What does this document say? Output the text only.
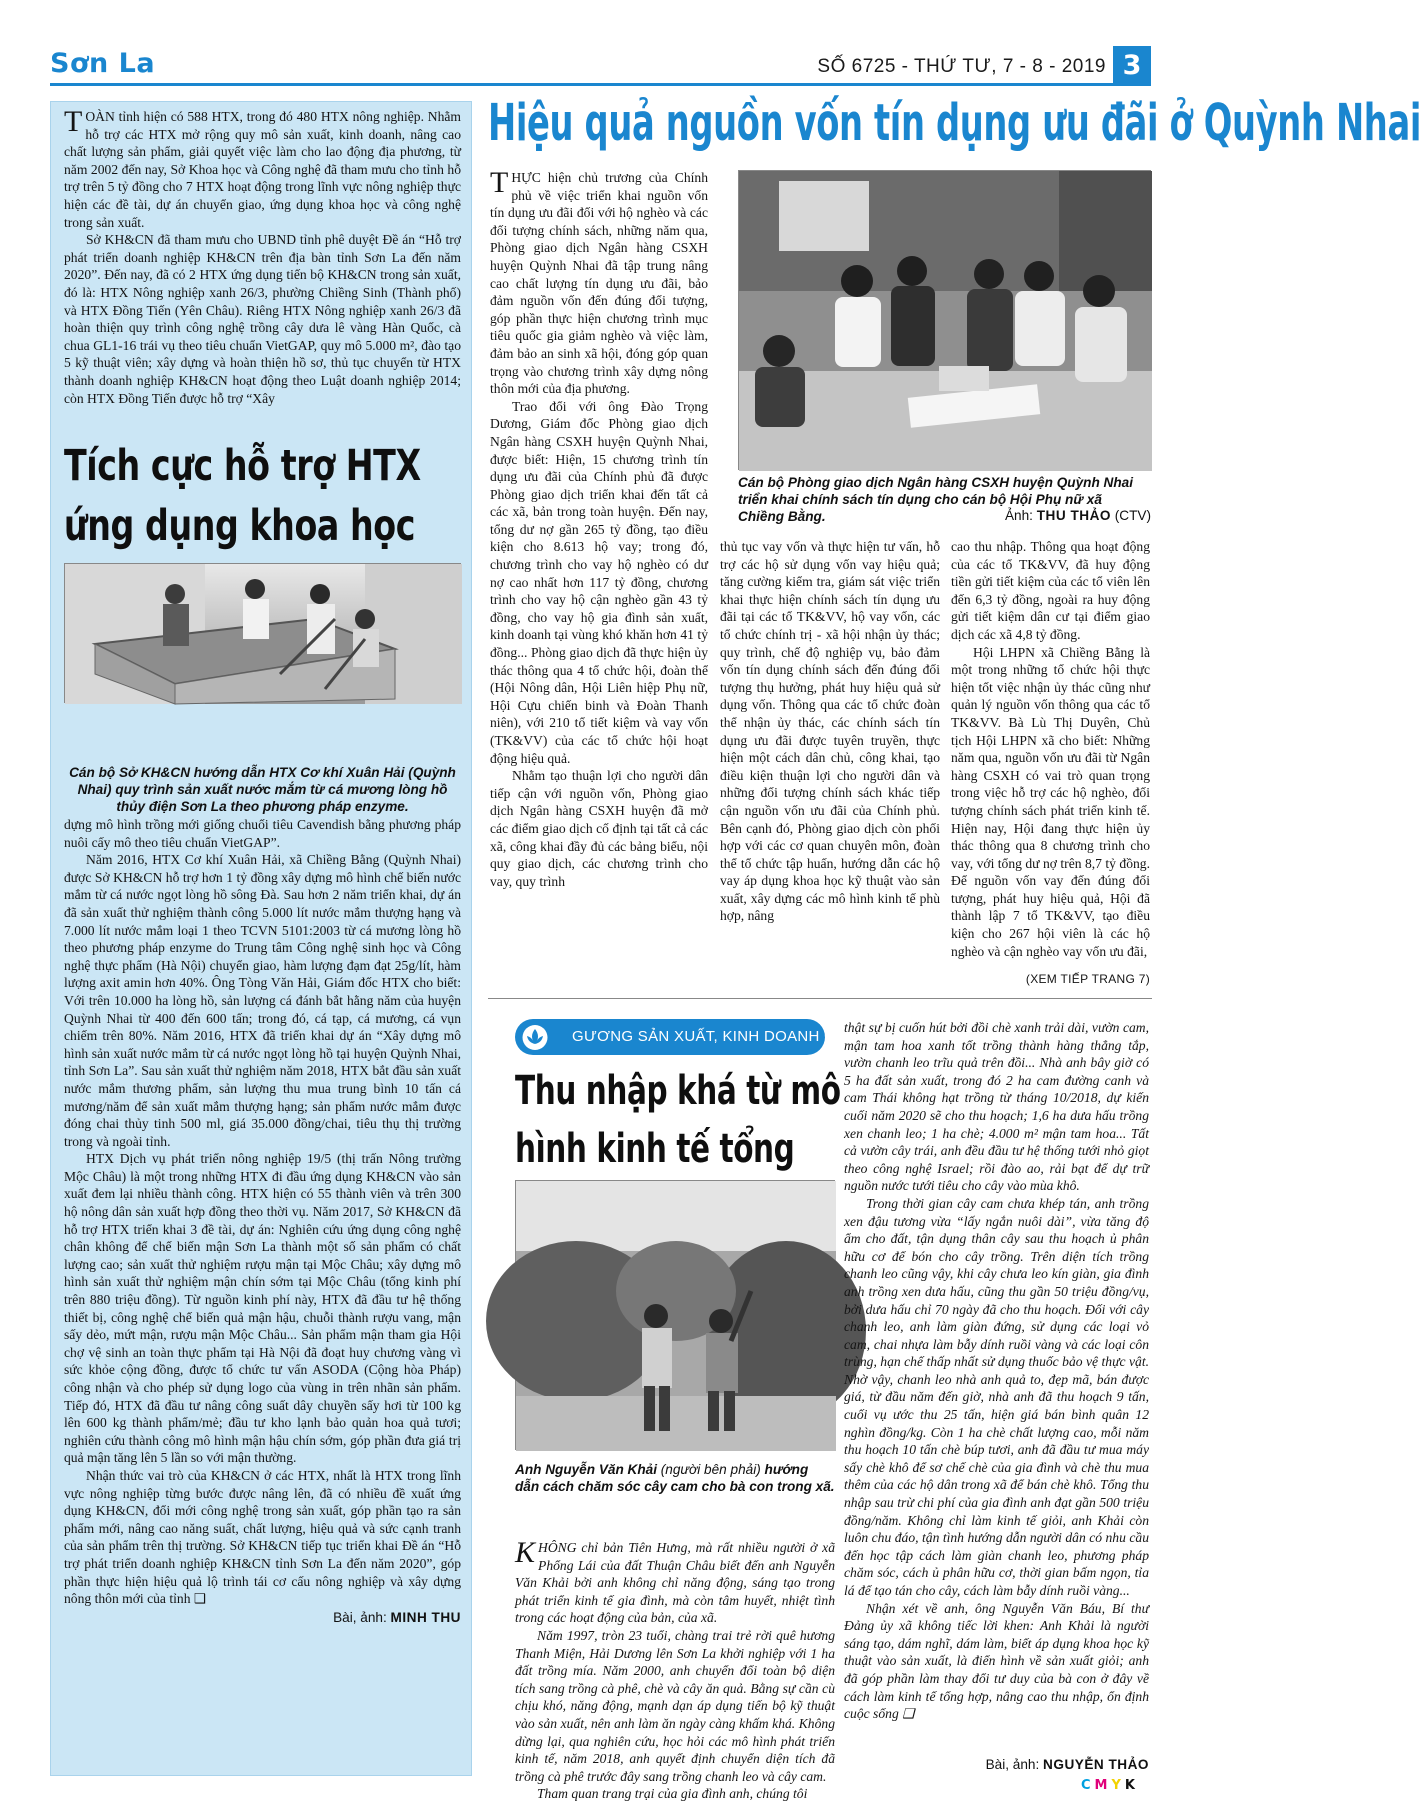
Sơn La	SỐ 6725 - THỨ TƯ, 7 - 8 - 2019 3

TOÀN tỉnh hiện có 588 HTX, trong đó 480 HTX nông nghiệp. Nhằm hỗ trợ các HTX mở rộng quy mô sản xuất, kinh doanh, nâng cao chất lượng sản phẩm, giải quyết việc làm cho lao động địa phương, từ năm 2002 đến nay, Sở Khoa học và Công nghệ đã tham mưu cho tỉnh hỗ trợ trên 5 tỷ đồng cho 7 HTX hoạt động trong lĩnh vực nông nghiệp thực hiện các đề tài, dự án chuyển giao, ứng dụng khoa học và công nghệ trong sản xuất.

Sở KH&CN đã tham mưu cho UBND tỉnh phê duyệt Đề án “Hỗ trợ phát triển doanh nghiệp KH&CN trên địa bàn tỉnh Sơn La đến năm 2020”. Đến nay, đã có 2 HTX ứng dụng tiến bộ KH&CN trong sản xuất, đó là: HTX Nông nghiệp xanh 26/3, phường Chiềng Sinh (Thành phố) và HTX Đồng Tiến (Yên Châu). Riêng HTX Nông nghiệp xanh 26/3 đã hoàn thiện quy trình công nghệ trồng cây dưa lê vàng Hàn Quốc, cà chua GL1-16 trái vụ theo tiêu chuẩn VietGAP, quy mô 5.000 m², đào tạo 5 kỹ thuật viên; xây dựng và hoàn thiện hồ sơ, thủ tục chuyển từ HTX thành doanh nghiệp KH&CN hoạt động theo Luật doanh nghiệp 2014; còn HTX Đồng Tiến được hỗ trợ “Xây

Tích cực hỗ trợ HTX ứng dụng khoa học
Cán bộ Sở KH&CN hướng dẫn HTX Cơ khí Xuân Hải (Quỳnh Nhai) quy trình sản xuất nước mắm từ cá mương lòng hồ thủy điện Sơn La theo phương pháp enzyme.

dựng mô hình trồng mới giống chuối tiêu Cavendish bằng phương pháp nuôi cấy mô theo tiêu chuẩn VietGAP”.

Năm 2016, HTX Cơ khí Xuân Hải, xã Chiềng Bằng (Quỳnh Nhai) được Sở KH&CN hỗ trợ hơn 1 tỷ đồng xây dựng mô hình chế biến nước mắm từ cá nước ngọt lòng hồ sông Đà. Sau hơn 2 năm triển khai, dự án đã sản xuất thử nghiệm thành công 5.000 lít nước mắm thượng hạng và 7.000 lít nước mắm loại 1 theo TCVN 5101:2003 từ cá mương lòng hồ theo phương pháp enzyme do Trung tâm Công nghệ sinh học và Công nghệ thực phẩm (Hà Nội) chuyển giao, hàm lượng đạm đạt 25g/lít, hàm lượng axit amin hơn 40%. Ông Tòng Văn Hải, Giám đốc HTX cho biết: Với trên 10.000 ha lòng hồ, sản lượng cá đánh bắt hằng năm của huyện Quỳnh Nhai từ 400 đến 600 tấn; trong đó, cá tạp, cá mương, cá vụn chiếm trên 80%. Năm 2016, HTX đã triển khai dự án “Xây dựng mô hình sản xuất nước mắm từ cá nước ngọt lòng hồ tại huyện Quỳnh Nhai, tỉnh Sơn La”. Sau sản xuất thử nghiệm năm 2018, HTX bắt đầu sản xuất nước mắm thương phẩm, sản lượng thu mua trung bình 10 tấn cá mương/năm để sản xuất mắm thượng hạng; sản phẩm nước mắm được đóng chai thủy tinh 500 ml, giá 35.000 đồng/chai, tiêu thụ thị trường trong và ngoài tỉnh.

HTX Dịch vụ phát triển nông nghiệp 19/5 (thị trấn Nông trường Mộc Châu) là một trong những HTX đi đầu ứng dụng KH&CN vào sản xuất đem lại nhiều thành công. HTX hiện có 55 thành viên và trên 300 hộ nông dân sản xuất hợp đồng theo thời vụ. Năm 2017, Sở KH&CN đã hỗ trợ HTX triển khai 3 đề tài, dự án: Nghiên cứu ứng dụng công nghệ chân không để chế biến mận Sơn La thành một số sản phẩm có chất lượng cao; sản xuất thử nghiệm rượu mận tại Mộc Châu; xây dựng mô hình sản xuất thử nghiệm mận chín sớm tại Mộc Châu (tổng kinh phí trên 880 triệu đồng). Từ nguồn kinh phí này, HTX đã đầu tư hệ thống thiết bị, công nghệ chế biến quả mận hậu, chuỗi thành rượu vang, mận sấy dẻo, mứt mận, rượu mận Mộc Châu... Sản phẩm mận tham gia Hội chợ vệ sinh an toàn thực phẩm tại Hà Nội đã đoạt huy chương vàng vì sức khỏe cộng đồng, được tổ chức tư vấn ASODA (Cộng hòa Pháp) công nhận và cho phép sử dụng logo của vùng in trên nhãn sản phẩm. Tiếp đó, HTX đã đầu tư nâng công suất dây chuyền sấy hơi từ 100 kg lên 600 kg thành phẩm/mẻ; đầu tư kho lạnh bảo quản hoa quả tươi; nghiên cứu thành công mô hình mận hậu chín sớm, góp phần đưa giá trị quả mận tăng lên 5 lần so với mận thường.

Nhận thức vai trò của KH&CN ở các HTX, nhất là HTX trong lĩnh vực nông nghiệp từng bước được nâng lên, đã có nhiều đề xuất ứng dụng KH&CN, đổi mới công nghệ trong sản xuất, góp phần tạo ra sản phẩm mới, nâng cao năng suất, chất lượng, hiệu quả và sức cạnh tranh của sản phẩm trên thị trường. Sở KH&CN tiếp tục triển khai Đề án “Hỗ trợ phát triển doanh nghiệp KH&CN tỉnh Sơn La đến năm 2020”, góp phần thực hiện hiệu quả lộ trình tái cơ cấu nông nghiệp và xây dựng nông thôn mới của tỉnh ❑

Bài, ảnh: MINH THU
Hiệu quả nguồn vốn tín dụng ưu đãi ở Quỳnh Nhai
Cán bộ Phòng giao dịch Ngân hàng CSXH huyện Quỳnh Nhai triển khai chính sách tín dụng cho cán bộ Hội Phụ nữ xã Chiềng Bằng.	Ảnh: THU THẢO (CTV)

THỰC hiện chủ trương của Chính phủ về việc triển khai nguồn vốn tín dụng ưu đãi đối với hộ nghèo và các đối tượng chính sách, những năm qua, Phòng giao dịch Ngân hàng CSXH huyện Quỳnh Nhai đã tập trung nâng cao chất lượng tín dụng ưu đãi, bảo đảm nguồn vốn đến đúng đối tượng, góp phần thực hiện chương trình mục tiêu quốc gia giảm nghèo và việc làm, đảm bảo an sinh xã hội, đóng góp quan trọng vào chương trình xây dựng nông thôn mới của địa phương.

Trao đổi với ông Đào Trọng Dương, Giám đốc Phòng giao dịch Ngân hàng CSXH huyện Quỳnh Nhai, được biết: Hiện, 15 chương trình tín dụng ưu đãi của Chính phủ đã được Phòng giao dịch triển khai đến tất cả các xã, bản trong toàn huyện. Đến nay, tổng dư nợ gần 265 tỷ đồng, tạo điều kiện cho 8.613 hộ vay; trong đó, chương trình cho vay hộ nghèo có dư nợ cao nhất hơn 117 tỷ đồng, chương trình cho vay hộ cận nghèo gần 43 tỷ đồng, cho vay hộ gia đình sản xuất, kinh doanh tại vùng khó khăn hơn 41 tỷ đồng... Phòng giao dịch đã thực hiện ủy thác thông qua 4 tổ chức hội, đoàn thể (Hội Nông dân, Hội Liên hiệp Phụ nữ, Hội Cựu chiến binh và Đoàn Thanh niên), với 210 tổ tiết kiệm và vay vốn (TK&VV) của các tổ chức hội hoạt động hiệu quả.

Nhằm tạo thuận lợi cho người dân tiếp cận với nguồn vốn, Phòng giao dịch Ngân hàng CSXH huyện đã mở các điểm giao dịch cố định tại tất cả các xã, công khai đầy đủ các bảng biểu, nội quy giao dịch, các chương trình cho vay, quy trình

thủ tục vay vốn và thực hiện tư vấn, hỗ trợ các hộ sử dụng vốn vay hiệu quả; tăng cường kiểm tra, giám sát việc triển khai thực hiện chính sách tín dụng ưu đãi tại các tổ TK&VV, hộ vay vốn, các tổ chức chính trị - xã hội nhận ủy thác; quy trình, chế độ nghiệp vụ, bảo đảm vốn tín dụng chính sách đến đúng đối tượng thụ hưởng, phát huy hiệu quả sử dụng vốn. Thông qua các tổ chức đoàn thể nhận ủy thác, các chính sách tín dụng ưu đãi được tuyên truyền, thực hiện một cách dân chủ, công khai, tạo điều kiện thuận lợi cho người dân và những đối tượng chính sách khác tiếp cận nguồn vốn ưu đãi của Chính phủ. Bên cạnh đó, Phòng giao dịch còn phối hợp với các cơ quan chuyên môn, đoàn thể tổ chức tập huấn, hướng dẫn các hộ vay áp dụng khoa học kỹ thuật vào sản xuất, xây dựng các mô hình kinh tế phù hợp, nâng

cao thu nhập. Thông qua hoạt động của các tổ TK&VV, đã huy động tiền gửi tiết kiệm của các tổ viên lên đến 6,3 tỷ đồng, ngoài ra huy động gửi tiết kiệm dân cư tại điểm giao dịch các xã 4,8 tỷ đồng.

Hội LHPN xã Chiềng Bằng là một trong những tổ chức hội thực hiện tốt việc nhận ủy thác cũng như quản lý nguồn vốn thông qua các tổ TK&VV. Bà Lù Thị Duyên, Chủ tịch Hội LHPN xã cho biết: Những năm qua, nguồn vốn ưu đãi từ Ngân hàng CSXH có vai trò quan trọng trong việc hỗ trợ các hộ nghèo, đối tượng chính sách phát triển kinh tế. Hiện nay, Hội đang thực hiện ủy thác thông qua 8 chương trình cho vay, với tổng dư nợ trên 8,7 tỷ đồng. Để nguồn vốn vay đến đúng đối tượng, phát huy hiệu quả, Hội đã thành lập 7 tổ TK&VV, tạo điều kiện cho 267 hội viên là các hộ nghèo và cận nghèo vay vốn ưu đãi,

(XEM TIẾP TRANG 7)
GƯƠNG SẢN XUẤT, KINH DOANH GIỎI
Thu nhập khá từ mô hình kinh tế tổng
Anh Nguyễn Văn Khải (người bên phải) hướng dẫn cách chăm sóc cây cam cho bà con trong xã.

KHÔNG chỉ bản Tiên Hưng, mà rất nhiều người ở xã Phổng Lái của đất Thuận Châu biết đến anh Nguyễn Văn Khải bởi anh không chỉ năng động, sáng tạo trong phát triển kinh tế gia đình, mà còn tâm huyết, nhiệt tình trong các hoạt động của bản, của xã.

Năm 1997, tròn 23 tuổi, chàng trai trẻ rời quê hương Thanh Miện, Hải Dương lên Sơn La khởi nghiệp với 1 ha đất trồng mía. Năm 2000, anh chuyển đổi toàn bộ diện tích sang trồng cà phê, chè và cây ăn quả. Bằng sự cần cù chịu khó, năng động, mạnh dạn áp dụng tiến bộ kỹ thuật vào sản xuất, nên anh làm ăn ngày càng khấm khá. Không dừng lại, qua nghiên cứu, học hỏi các mô hình phát triển kinh tế, năm 2018, anh quyết định chuyển diện tích đã trồng cà phê trước đây sang trồng chanh leo và cây cam.

Tham quan trang trại của gia đình anh, chúng tôi

thật sự bị cuốn hút bởi đồi chè xanh trải dài, vườn cam, mận tam hoa xanh tốt trồng thành hàng thẳng tắp, vườn chanh leo trĩu quả trên đồi... Nhà anh bây giờ có 5 ha đất sản xuất, trong đó 2 ha cam đường canh và cam Thái không hạt trồng từ tháng 10/2018, dự kiến cuối năm 2020 sẽ cho thu hoạch; 1,6 ha dưa hấu trồng xen chanh leo; 1 ha chè; 4.000 m² mận tam hoa... Tất cả vườn cây trái, anh đều đầu tư hệ thống tưới nhỏ giọt theo công nghệ Israel; rồi đào ao, rải bạt để dự trữ nguồn nước tưới tiêu cho cây vào mùa khô.

Trong thời gian cây cam chưa khép tán, anh trồng xen đậu tương vừa “lấy ngắn nuôi dài”, vừa tăng độ ẩm cho đất, tận dụng thân cây sau thu hoạch ủ phân hữu cơ để bón cho cây trồng. Trên diện tích trồng chanh leo cũng vậy, khi cây chưa leo kín giàn, gia đình anh trồng xen dưa hấu, cũng thu gần 50 triệu đồng/vụ, bởi dưa hấu chỉ 70 ngày đã cho thu hoạch. Đối với cây chanh leo, anh làm giàn đứng, sử dụng các loại vỏ cam, chai nhựa làm bẫy dính ruồi vàng và các loại côn trùng, hạn chế thấp nhất sử dụng thuốc bảo vệ thực vật. Nhờ vậy, chanh leo nhà anh quả to, đẹp mã, bán được giá, từ đầu năm đến giờ, nhà anh đã thu hoạch 9 tấn, cuối vụ ước thu 25 tấn, hiện giá bán bình quân 12 nghìn đồng/kg. Còn 1 ha chè chất lượng cao, mỗi năm thu hoạch 10 tấn chè búp tươi, anh đã đầu tư mua máy sấy chè khô để sơ chế chè của gia đình và chè thu mua thêm của các hộ dân trong xã để bán chè khô. Tổng thu nhập sau trừ chi phí của gia đình anh đạt gần 500 triệu đồng/năm. Không chỉ làm kinh tế giỏi, anh Khải còn luôn chu đáo, tận tình hướng dẫn người dân có nhu cầu đến học tập cách làm giàn chanh leo, phương pháp chăm sóc, cách ủ phân hữu cơ, thời gian bấm ngọn, tỉa lá để tạo tán cho cây, cách làm bẫy dính ruồi vàng...

Nhận xét về anh, ông Nguyễn Văn Báu, Bí thư Đảng ủy xã không tiếc lời khen: Anh Khải là người sáng tạo, dám nghĩ, dám làm, biết áp dụng khoa học kỹ thuật vào sản xuất, là điển hình về sản xuất giỏi; anh đã góp phần làm thay đổi tư duy của bà con ở đây về cách làm kinh tế tổng hợp, nâng cao thu nhập, ổn định cuộc sống ❑

Bài, ảnh: NGUYỄN THẢO
CMYK
